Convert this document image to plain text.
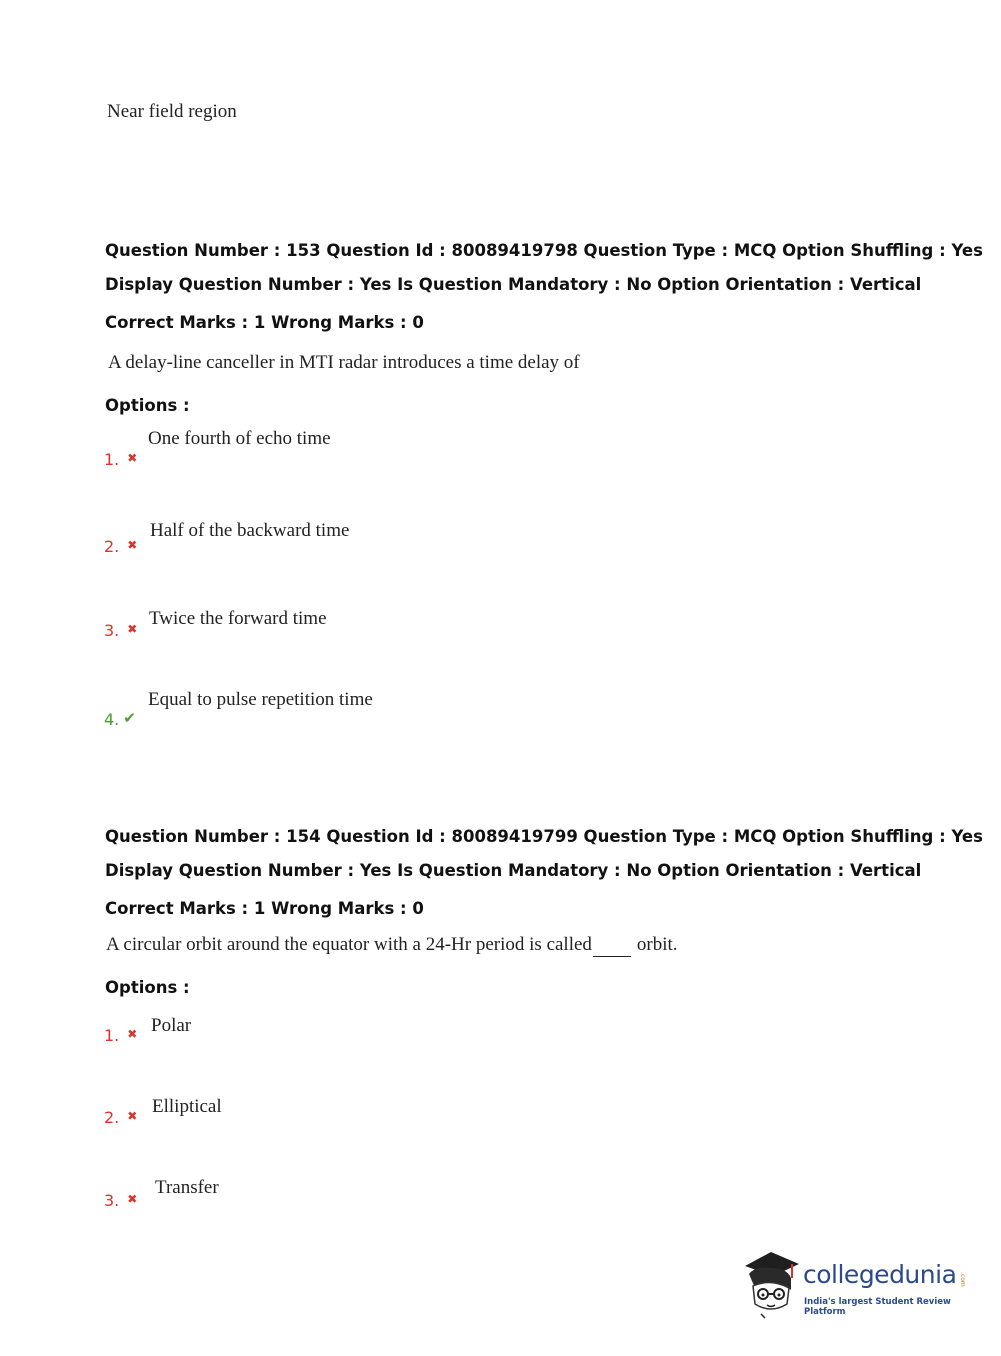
Near field region
Question Number : 153 Question Id : 80089419798 Question Type : MCQ Option Shuffling : Yes
Display Question Number : Yes Is Question Mandatory : No Option Orientation : Vertical
Correct Marks : 1 Wrong Marks : 0
A delay-line canceller in MTI radar introduces a time delay of
Options :
One fourth of echo time
1. ✖
Half of the backward time
2. ✖
Twice the forward time
3. ✖
Equal to pulse repetition time
4. ✔
Question Number : 154 Question Id : 80089419799 Question Type : MCQ Option Shuffling : Yes
Display Question Number : Yes Is Question Mandatory : No Option Orientation : Vertical
Correct Marks : 1 Wrong Marks : 0
A circular orbit around the equator with a 24-Hr period is called orbit.
Options :
Polar
1. ✖
Elliptical
2. ✖
Transfer
3. ✖
collegedunia .com
India's largest Student Review Platform
